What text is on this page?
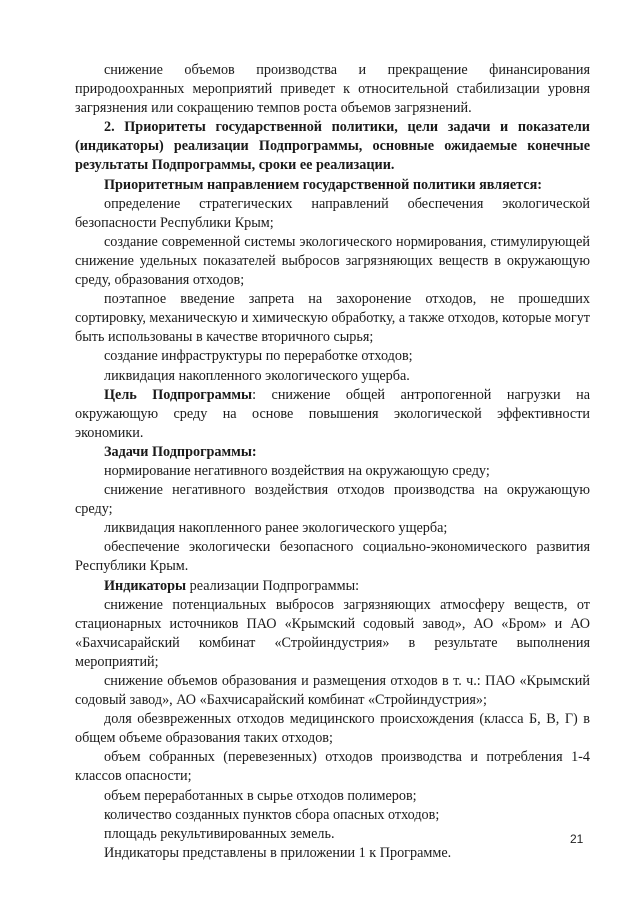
снижение объемов производства и прекращение финансирования природоохранных мероприятий приведет к относительной стабилизации уровня загрязнения или сокращению темпов роста объемов загрязнений.

2. Приоритеты государственной политики, цели задачи и показатели (индикаторы) реализации Подпрограммы, основные ожидаемые конечные результаты Подпрограммы, сроки ее реализации.

Приоритетным направлением государственной политики является:

определение стратегических направлений обеспечения экологической безопасности Республики Крым;

создание современной системы экологического нормирования, стимулирующей снижение удельных показателей выбросов загрязняющих веществ в окружающую среду, образования отходов;

поэтапное введение запрета на захоронение отходов, не прошедших сортировку, механическую и химическую обработку, а также отходов, которые могут быть использованы в качестве вторичного сырья;

создание инфраструктуры по переработке отходов;

ликвидация накопленного экологического ущерба.

Цель Подпрограммы: снижение общей антропогенной нагрузки на окружающую среду на основе повышения экологической эффективности экономики.

Задачи Подпрограммы:

нормирование негативного воздействия на окружающую среду;

снижение негативного воздействия отходов производства на окружающую среду;

ликвидация накопленного ранее экологического ущерба;

обеспечение экологически безопасного социально-экономического развития Республики Крым.

Индикаторы реализации Подпрограммы:

снижение потенциальных выбросов загрязняющих атмосферу веществ, от стационарных источников ПАО «Крымский содовый завод», АО «Бром» и АО «Бахчисарайский комбинат «Стройиндустрия» в результате выполнения мероприятий;

снижение объемов образования и размещения отходов в т. ч.: ПАО «Крымский содовый завод», АО «Бахчисарайский комбинат «Стройиндустрия»;

доля обезвреженных отходов медицинского происхождения (класса Б, В, Г) в общем объеме образования таких отходов;

объем собранных (перевезенных) отходов производства и потребления 1-4 классов опасности;

объем переработанных в сырье отходов полимеров;

количество созданных пунктов сбора опасных отходов;

площадь рекультивированных земель.

Индикаторы представлены в приложении 1 к Программе.

21
